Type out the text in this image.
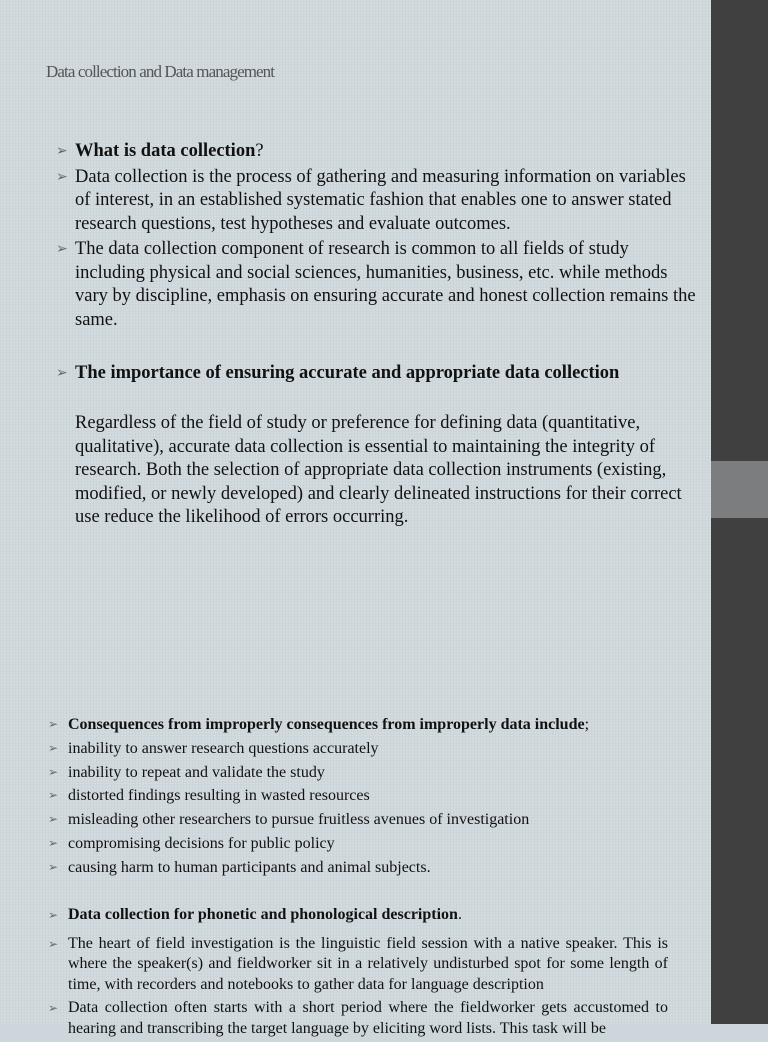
Data collection and Data management
➢ What is data collection?
➢ Data collection is the process of gathering and measuring information on variables of interest, in an established systematic fashion that enables one to answer stated research questions, test hypotheses and evaluate outcomes.
➢ The data collection component of research is common to all fields of study including physical and social sciences, humanities, business, etc. while methods vary by discipline, emphasis on ensuring accurate and honest collection remains the same.
➢ The importance of ensuring accurate and appropriate data collection

Regardless of the field of study or preference for defining data (quantitative, qualitative), accurate data collection is essential to maintaining the integrity of research. Both the selection of appropriate data collection instruments (existing, modified, or newly developed) and clearly delineated instructions for their correct use reduce the likelihood of errors occurring.

➢ Consequences from improperly consequences from improperly data include;
➢ inability to answer research questions accurately
➢ inability to repeat and validate the study
➢ distorted findings resulting in wasted resources
➢ misleading other researchers to pursue fruitless avenues of investigation
➢ compromising decisions for public policy
➢ causing harm to human participants and animal subjects.
➢ Data collection for phonetic and phonological description.
➢ The heart of field investigation is the linguistic field session with a native speaker. This is where the speaker(s) and fieldworker sit in a relatively undisturbed spot for some length of time, with recorders and notebooks to gather data for language description
➢ Data collection often starts with a short period where the fieldworker gets accustomed to hearing and transcribing the target language by eliciting word lists. This task will be
